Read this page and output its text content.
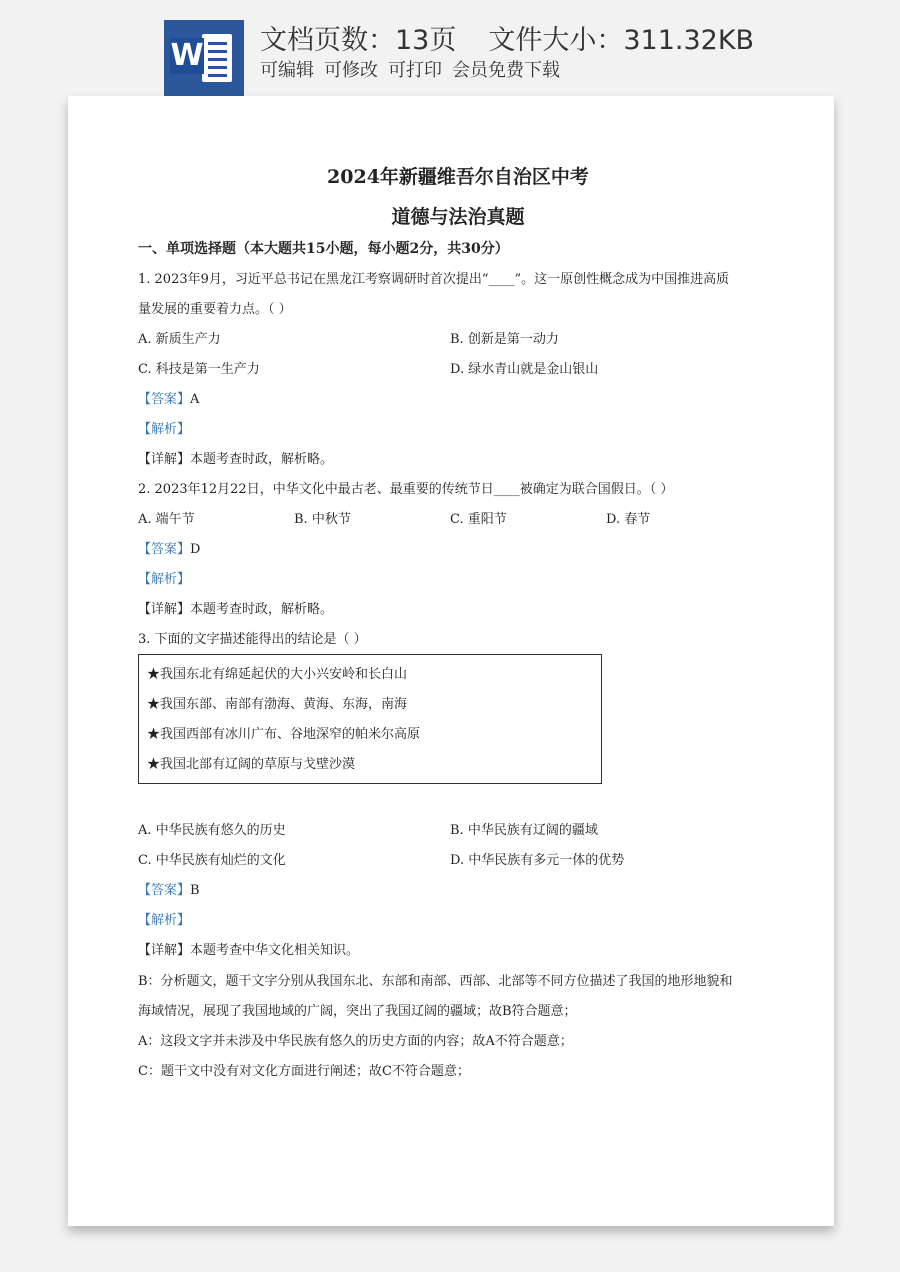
W 文档页数：13页 文件大小：311.32KB
可编辑 可修改 可打印 会员免费下载
2024年新疆维吾尔自治区中考
道德与法治真题
一、单项选择题（本大题共15小题，每小题2分，共30分）
1. 2023年9月，习近平总书记在黑龙江考察调研时首次提出“____”。这一原创性概念成为中国推进高质
量发展的重要着力点。（ ）
A. 新质生产力	B. 创新是第一动力
C. 科技是第一生产力	D. 绿水青山就是金山银山
【答案】A
【解析】
【详解】本题考查时政，解析略。
2. 2023年12月22日，中华文化中最古老、最重要的传统节日____被确定为联合国假日。（ ）
A. 端午节	B. 中秋节	C. 重阳节	D. 春节
【答案】D
【解析】
【详解】本题考查时政，解析略。
3. 下面的文字描述能得出的结论是（ ）
★我国东北有绵延起伏的大小兴安岭和长白山
★我国东部、南部有渤海、黄海、东海，南海
★我国西部有冰川广布、谷地深窄的帕米尔高原
★我国北部有辽阔的草原与戈壁沙漠
A. 中华民族有悠久的历史	B. 中华民族有辽阔的疆域
C. 中华民族有灿烂的文化	D. 中华民族有多元一体的优势
【答案】B
【解析】
【详解】本题考查中华文化相关知识。
B：分析题文，题干文字分别从我国东北、东部和南部、西部、北部等不同方位描述了我国的地形地貌和
海域情况，展现了我国地域的广阔，突出了我国辽阔的疆域；故B符合题意；
A：这段文字并未涉及中华民族有悠久的历史方面的内容；故A不符合题意；
C：题干文中没有对文化方面进行阐述；故C不符合题意；
